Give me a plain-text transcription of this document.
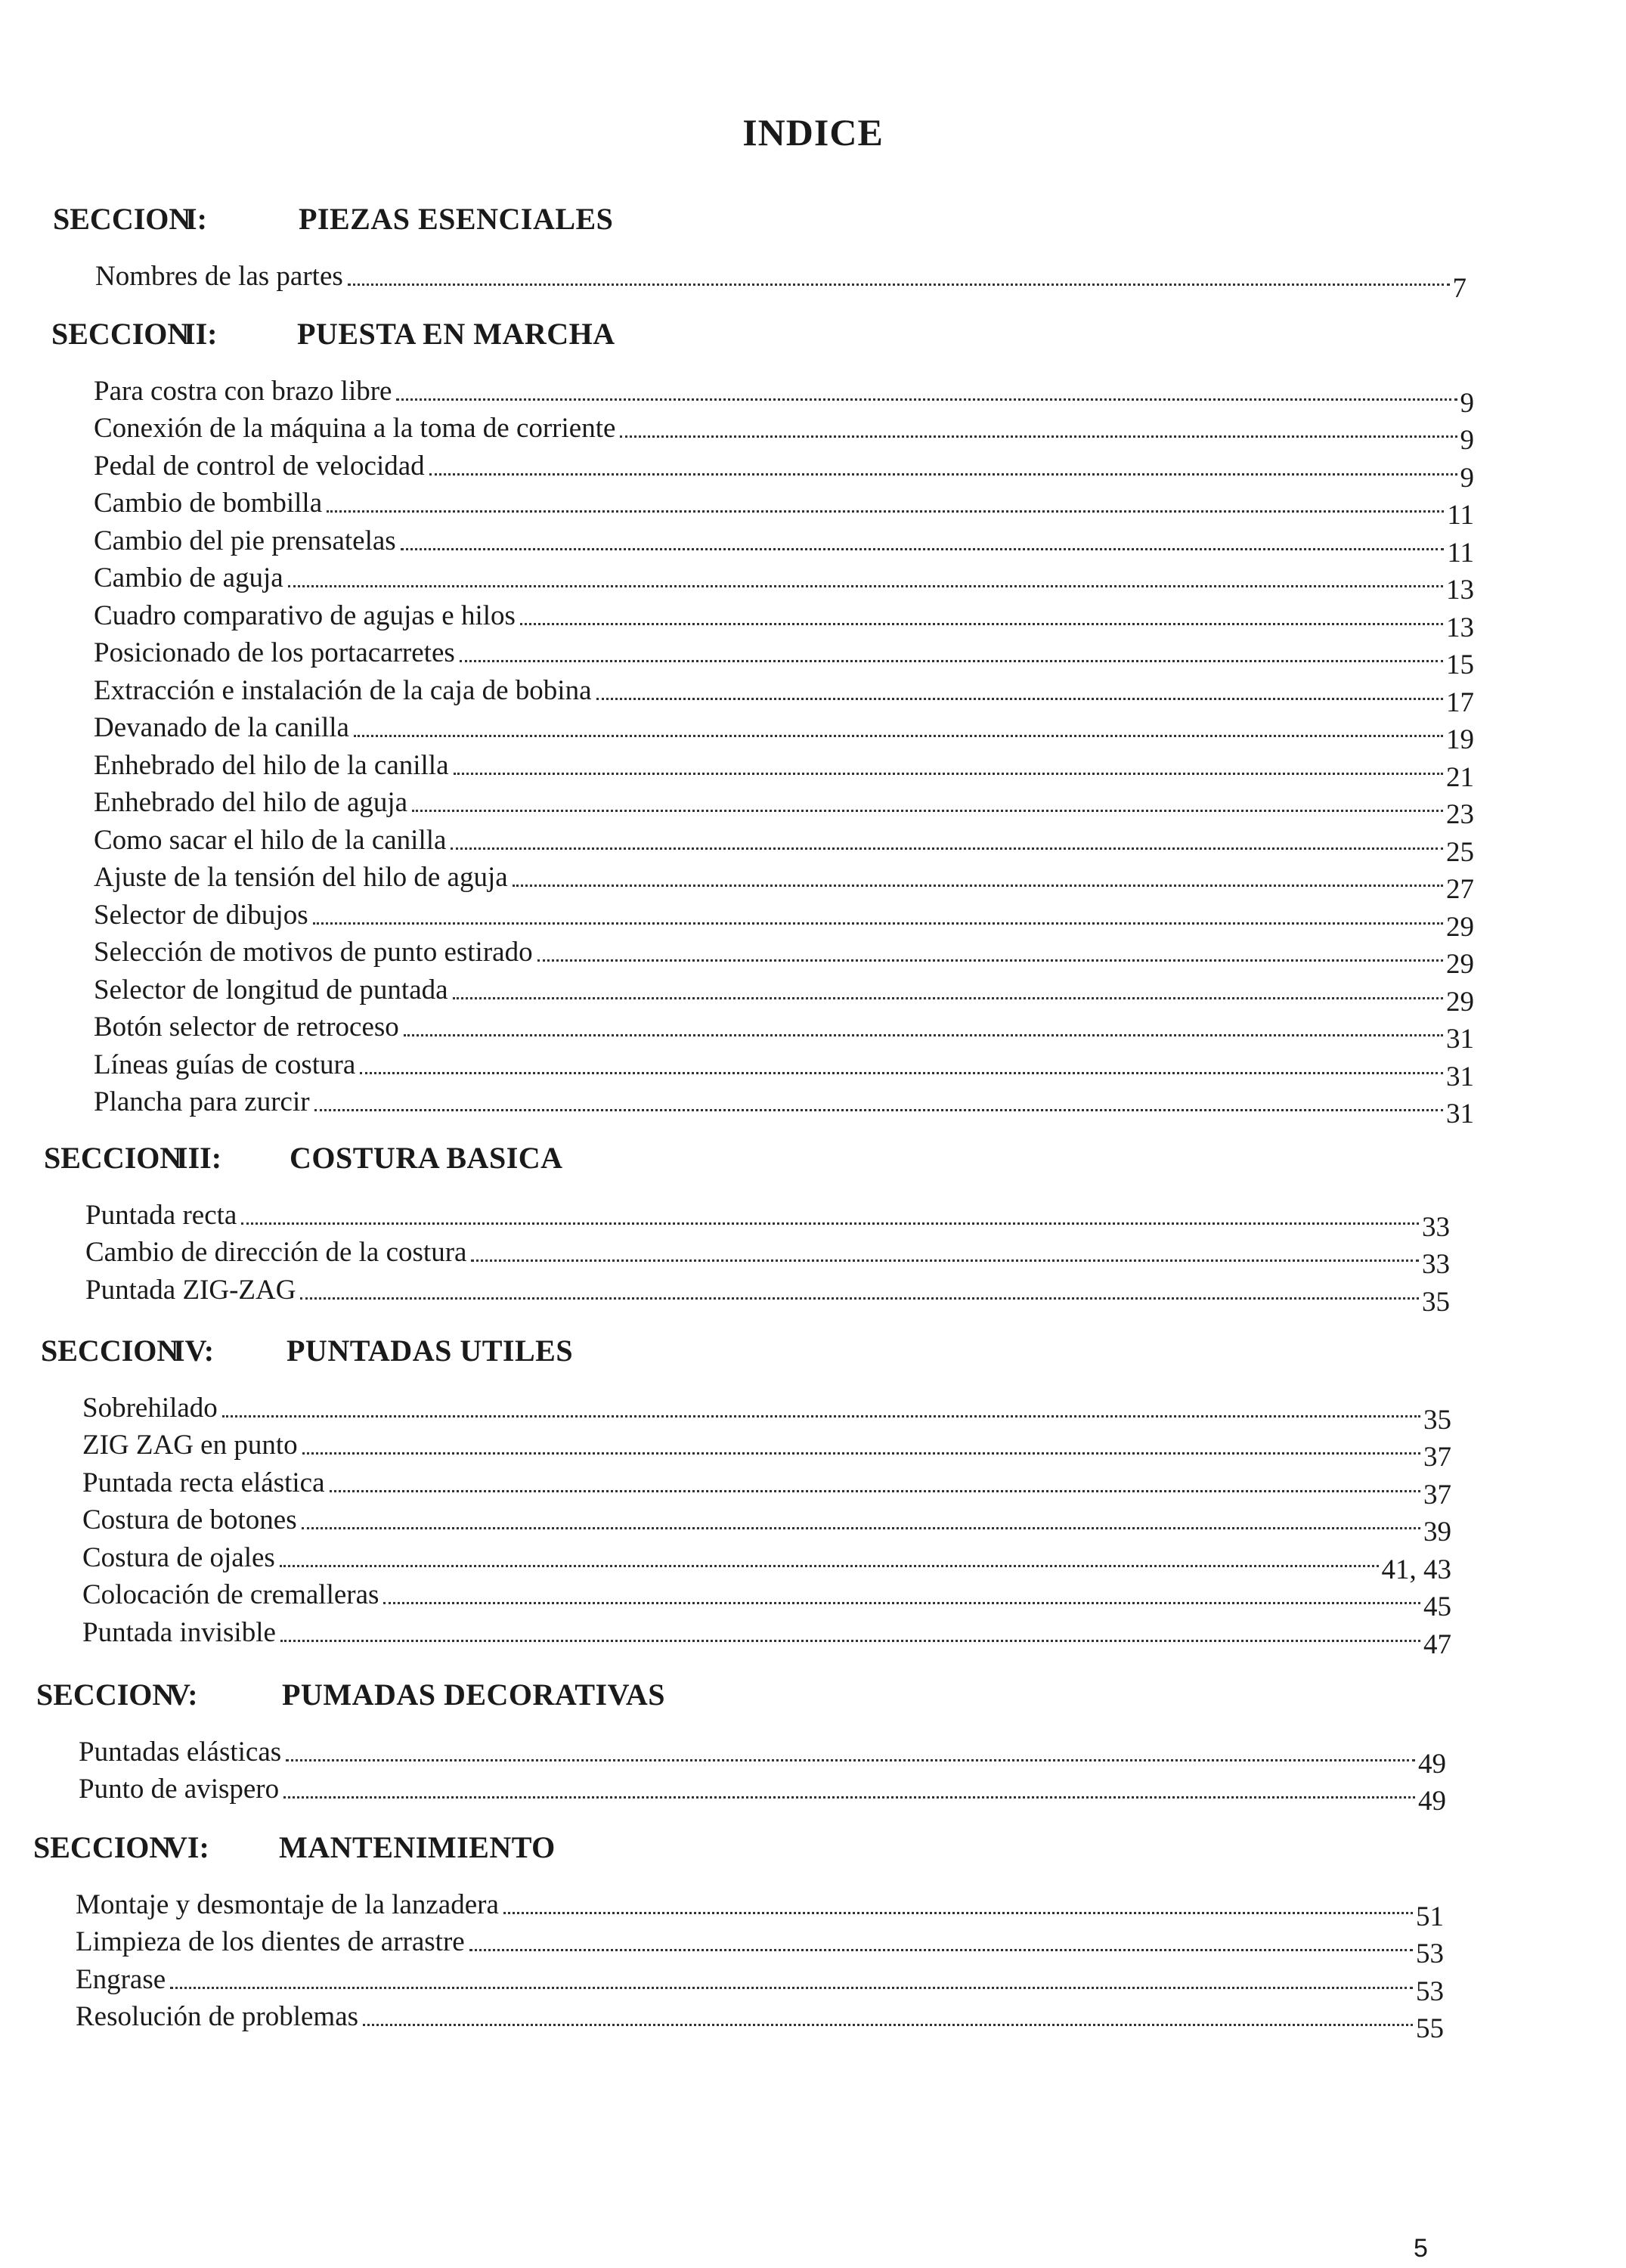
INDICE
SECCION
I:	PIEZAS ESENCIALES
Nombres de las partes	7
SECCION
II:	PUESTA EN MARCHA
Para costra con brazo libre	9
Conexión de la máquina a la toma de corriente	9
Pedal de control de velocidad	9
Cambio de bombilla	11
Cambio del pie prensatelas	11
Cambio de aguja	13
Cuadro comparativo de agujas e hilos	13
Posicionado de los portacarretes	15
Extracción e instalación de la caja de bobina	17
Devanado de la canilla	19
Enhebrado del hilo de la canilla	21
Enhebrado del hilo de aguja	23
Como sacar el hilo de la canilla	25
Ajuste de la tensión del hilo de aguja	27
Selector de dibujos	29
Selección de motivos de punto estirado	29
Selector de longitud de puntada	29
Botón selector de retroceso	31
Líneas guías de costura	31
Plancha para zurcir	31
SECCION
III:	COSTURA BASICA
Puntada recta	33
Cambio de dirección de la costura	33
Puntada ZIG-ZAG	35
SECCION
IV:	PUNTADAS UTILES
Sobrehilado	35
ZIG ZAG en punto	37
Puntada recta elástica	37
Costura de botones	39
Costura de ojales	41, 43
Colocación de cremalleras	45
Puntada invisible	47
SECCION
V:	PUMADAS DECORATIVAS
Puntadas elásticas	49
Punto de avispero	49
SECCION
VI:	MANTENIMIENTO
Montaje y desmontaje de la lanzadera	51
Limpieza de los dientes de arrastre	53
Engrase	53
Resolución de problemas	55
5
